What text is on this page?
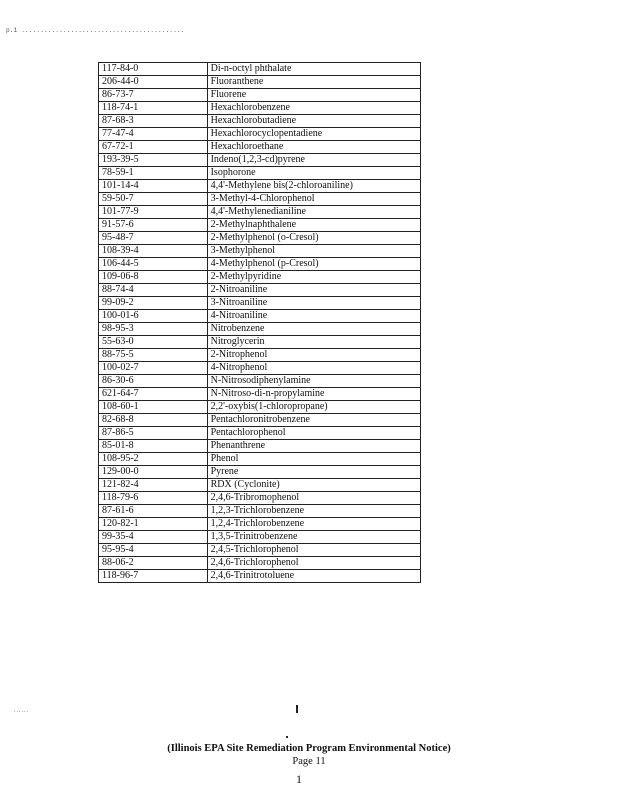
p.1 ...........................................
117-84-0	Di-n-octyl phthalate
206-44-0	Fluoranthene
86-73-7	Fluorene
118-74-1	Hexachlorobenzene
87-68-3	Hexachlorobutadiene
77-47-4	Hexachlorocyclopentadiene
67-72-1	Hexachloroethane
193-39-5	Indeno(1,2,3-cd)pyrene
78-59-1	Isophorone
101-14-4	4,4'-Methylene bis(2-chloroaniline)
59-50-7	3-Methyl-4-Chlorophenol
101-77-9	4,4'-Methylenedianiline
91-57-6	2-Methylnaphthalene
95-48-7	2-Methylphenol (o-Cresol)
108-39-4	3-Methylphenol
106-44-5	4-Methylphenol (p-Cresol)
109-06-8	2-Methylpyridine
88-74-4	2-Nitroaniline
99-09-2	3-Nitroaniline
100-01-6	4-Nitroaniline
98-95-3	Nitrobenzene
55-63-0	Nitroglycerin
88-75-5	2-Nitrophenol
100-02-7	4-Nitrophenol
86-30-6	N-Nitrosodiphenylamine
621-64-7	N-Nitroso-di-n-propylamine
108-60-1	2,2'-oxybis(1-chloropropane)
82-68-8	Pentachloronitrobenzene
87-86-5	Pentachlorophenol
85-01-8	Phenanthrene
108-95-2	Phenol
129-00-0	Pyrene
121-82-4	RDX (Cyclonite)
118-79-6	2,4,6-Tribromophenol
87-61-6	1,2,3-Trichlorobenzene
120-82-1	1,2,4-Trichlorobenzene
99-35-4	1,3,5-Trinitrobenzene
95-95-4	2,4,5-Trichlorophenol
88-06-2	2,4,6-Trichlorophenol
118-96-7	2,4,6-Trinitrotoluene
......
(Illinois EPA Site Remediation Program Environmental Notice)
Page 11
1
